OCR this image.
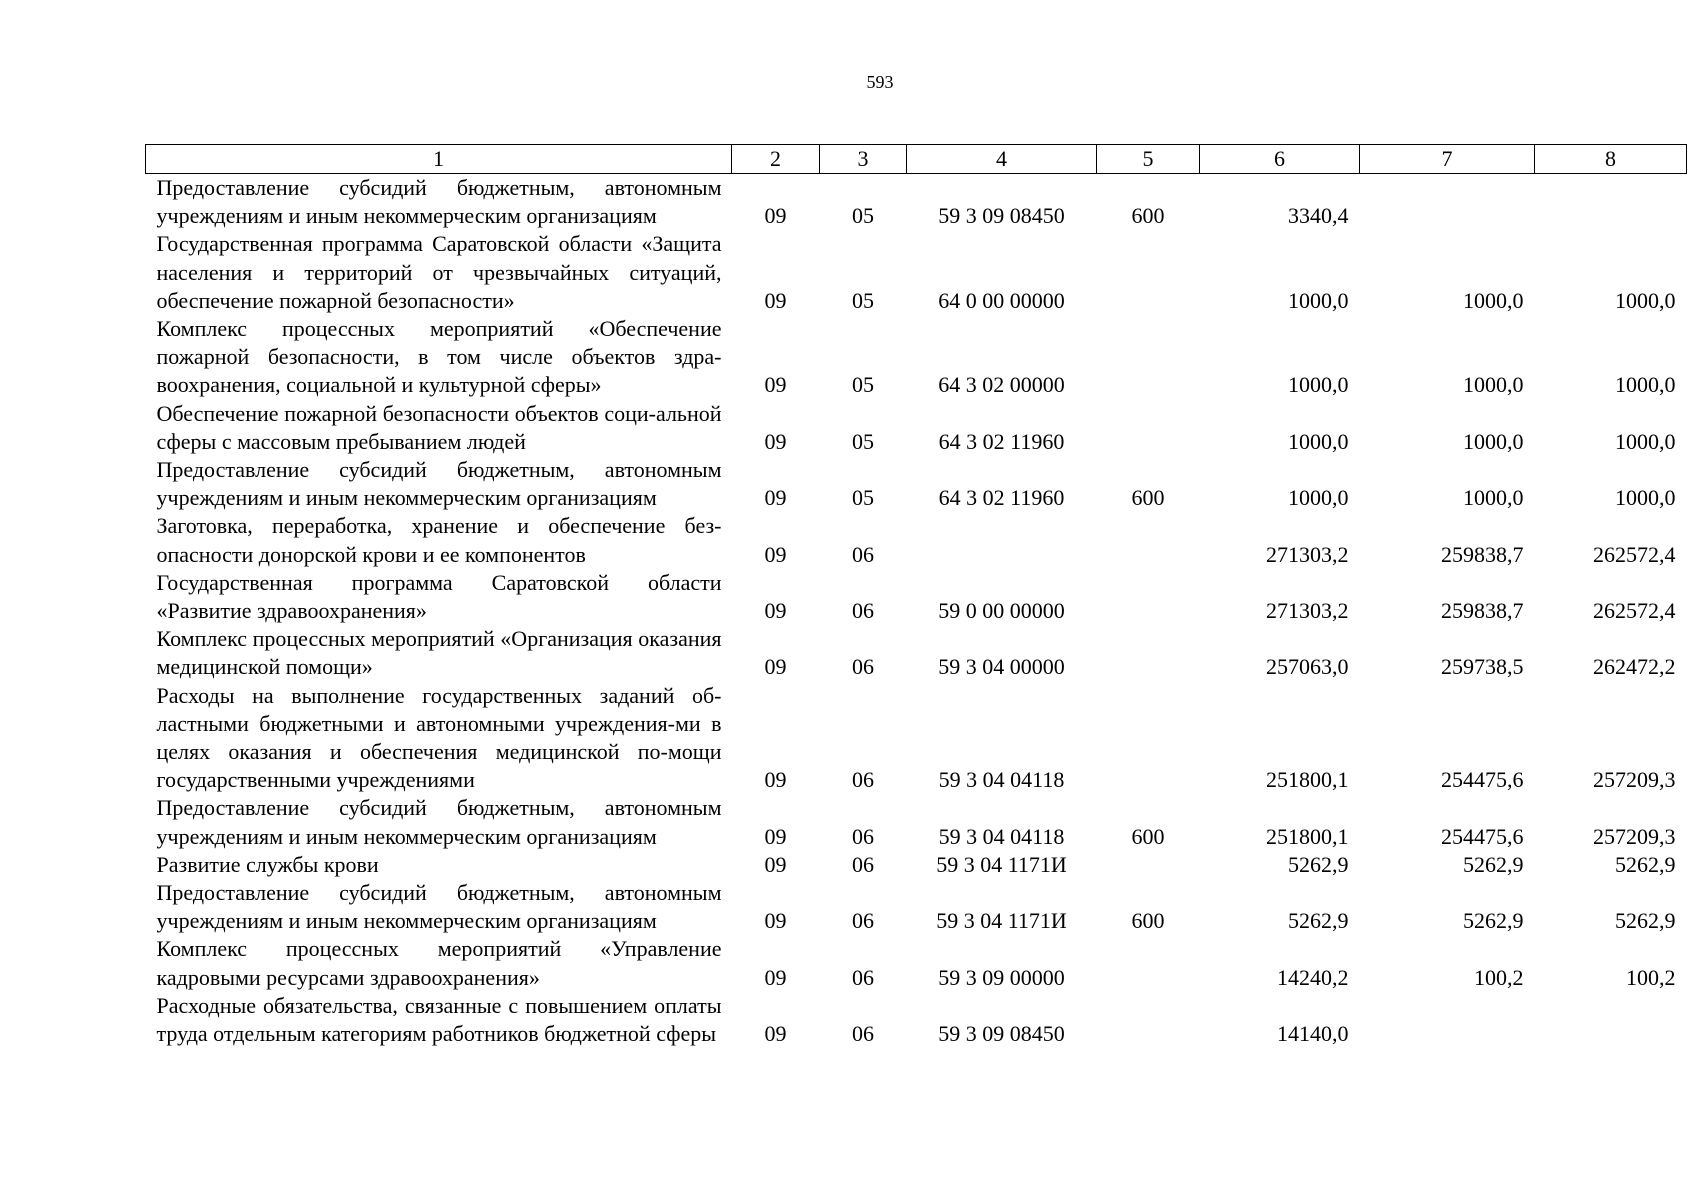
593
1	2	3	4	5	6	7	8
Предоставление субсидий бюджетным, автономным учреждениям и иным некоммерческим организациям	09	05	59 3 09 08450	600	3340,4		
Государственная программа Саратовской области «Защита населения и территорий от чрезвычайных ситуаций, обеспечение пожарной безопасности»	09	05	64 0 00 00000		1000,0	1000,0	1000,0
Комплекс процессных мероприятий «Обеспечение пожарной безопасности, в том числе объектов здра-воохранения, социальной и культурной сферы»	09	05	64 3 02 00000		1000,0	1000,0	1000,0
Обеспечение пожарной безопасности объектов соци-альной сферы с массовым пребыванием людей	09	05	64 3 02 11960		1000,0	1000,0	1000,0
Предоставление субсидий бюджетным, автономным учреждениям и иным некоммерческим организациям	09	05	64 3 02 11960	600	1000,0	1000,0	1000,0
Заготовка, переработка, хранение и обеспечение без-опасности донорской крови и ее компонентов	09	06			271303,2	259838,7	262572,4
Государственная программа Саратовской области «Развитие здравоохранения»	09	06	59 0 00 00000		271303,2	259838,7	262572,4
Комплекс процессных мероприятий «Организация оказания медицинской помощи»	09	06	59 3 04 00000		257063,0	259738,5	262472,2
Расходы на выполнение государственных заданий об-ластными бюджетными и автономными учреждения-ми в целях оказания и обеспечения медицинской по-мощи государственными учреждениями	09	06	59 3 04 04118		251800,1	254475,6	257209,3
Предоставление субсидий бюджетным, автономным учреждениям и иным некоммерческим организациям	09	06	59 3 04 04118	600	251800,1	254475,6	257209,3
Развитие службы крови	09	06	59 3 04 1171И		5262,9	5262,9	5262,9
Предоставление субсидий бюджетным, автономным учреждениям и иным некоммерческим организациям	09	06	59 3 04 1171И	600	5262,9	5262,9	5262,9
Комплекс процессных мероприятий «Управление кадровыми ресурсами здравоохранения»	09	06	59 3 09 00000		14240,2	100,2	100,2
Расходные обязательства, связанные с повышением оплаты труда отдельным категориям работников бюджетной сферы	09	06	59 3 09 08450		14140,0		
